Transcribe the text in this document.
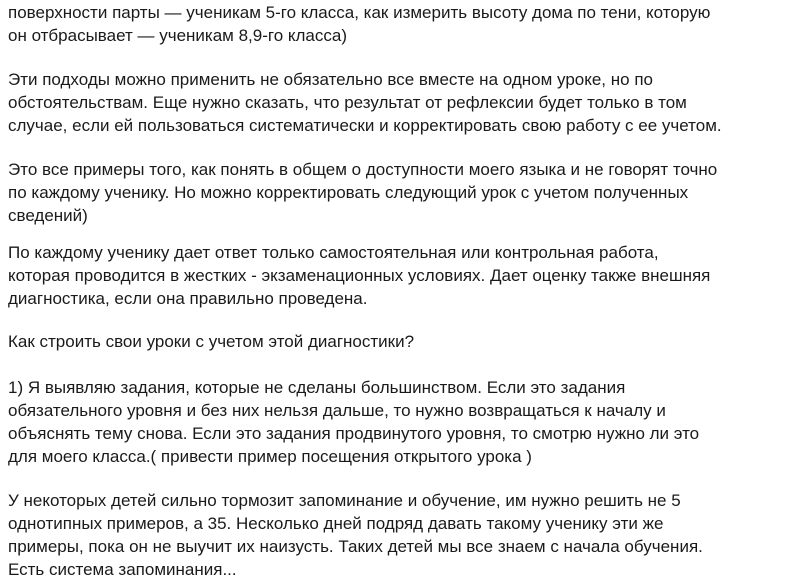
поверхности парты — ученикам 5-го класса, как измерить высоту дома по тени, которую
он отбрасывает — ученикам 8,9-го класса)
Эти подходы можно применить не обязательно все вместе на одном уроке, но по
обстоятельствам. Еще нужно сказать, что результат от рефлексии будет только в том
случае, если ей пользоваться систематически и корректировать свою работу с ее учетом.
Это все примеры того, как понять в общем о доступности моего языка и не говорят точно
по каждому ученику. Но можно корректировать следующий урок с учетом полученных
сведений)
По каждому ученику дает ответ только самостоятельная или контрольная работа,
которая проводится в жестких - экзаменационных условиях. Дает оценку также внешняя
диагностика, если она правильно проведена.
Как строить свои уроки с учетом этой диагностики?
1) Я выявляю задания, которые не сделаны большинством. Если это задания
обязательного уровня и без них нельзя дальше, то нужно возвращаться к началу и
объяснять тему снова. Если это задания продвинутого уровня, то смотрю нужно ли это
для моего класса.( привести пример посещения открытого урока )
У некоторых детей сильно тормозит запоминание и обучение, им нужно решить не 5
однотипных примеров, а 35. Несколько дней подряд давать такому ученику эти же
примеры, пока он не выучит их наизусть. Таких детей мы все знаем с начала обучения.
Есть система запоминания...
